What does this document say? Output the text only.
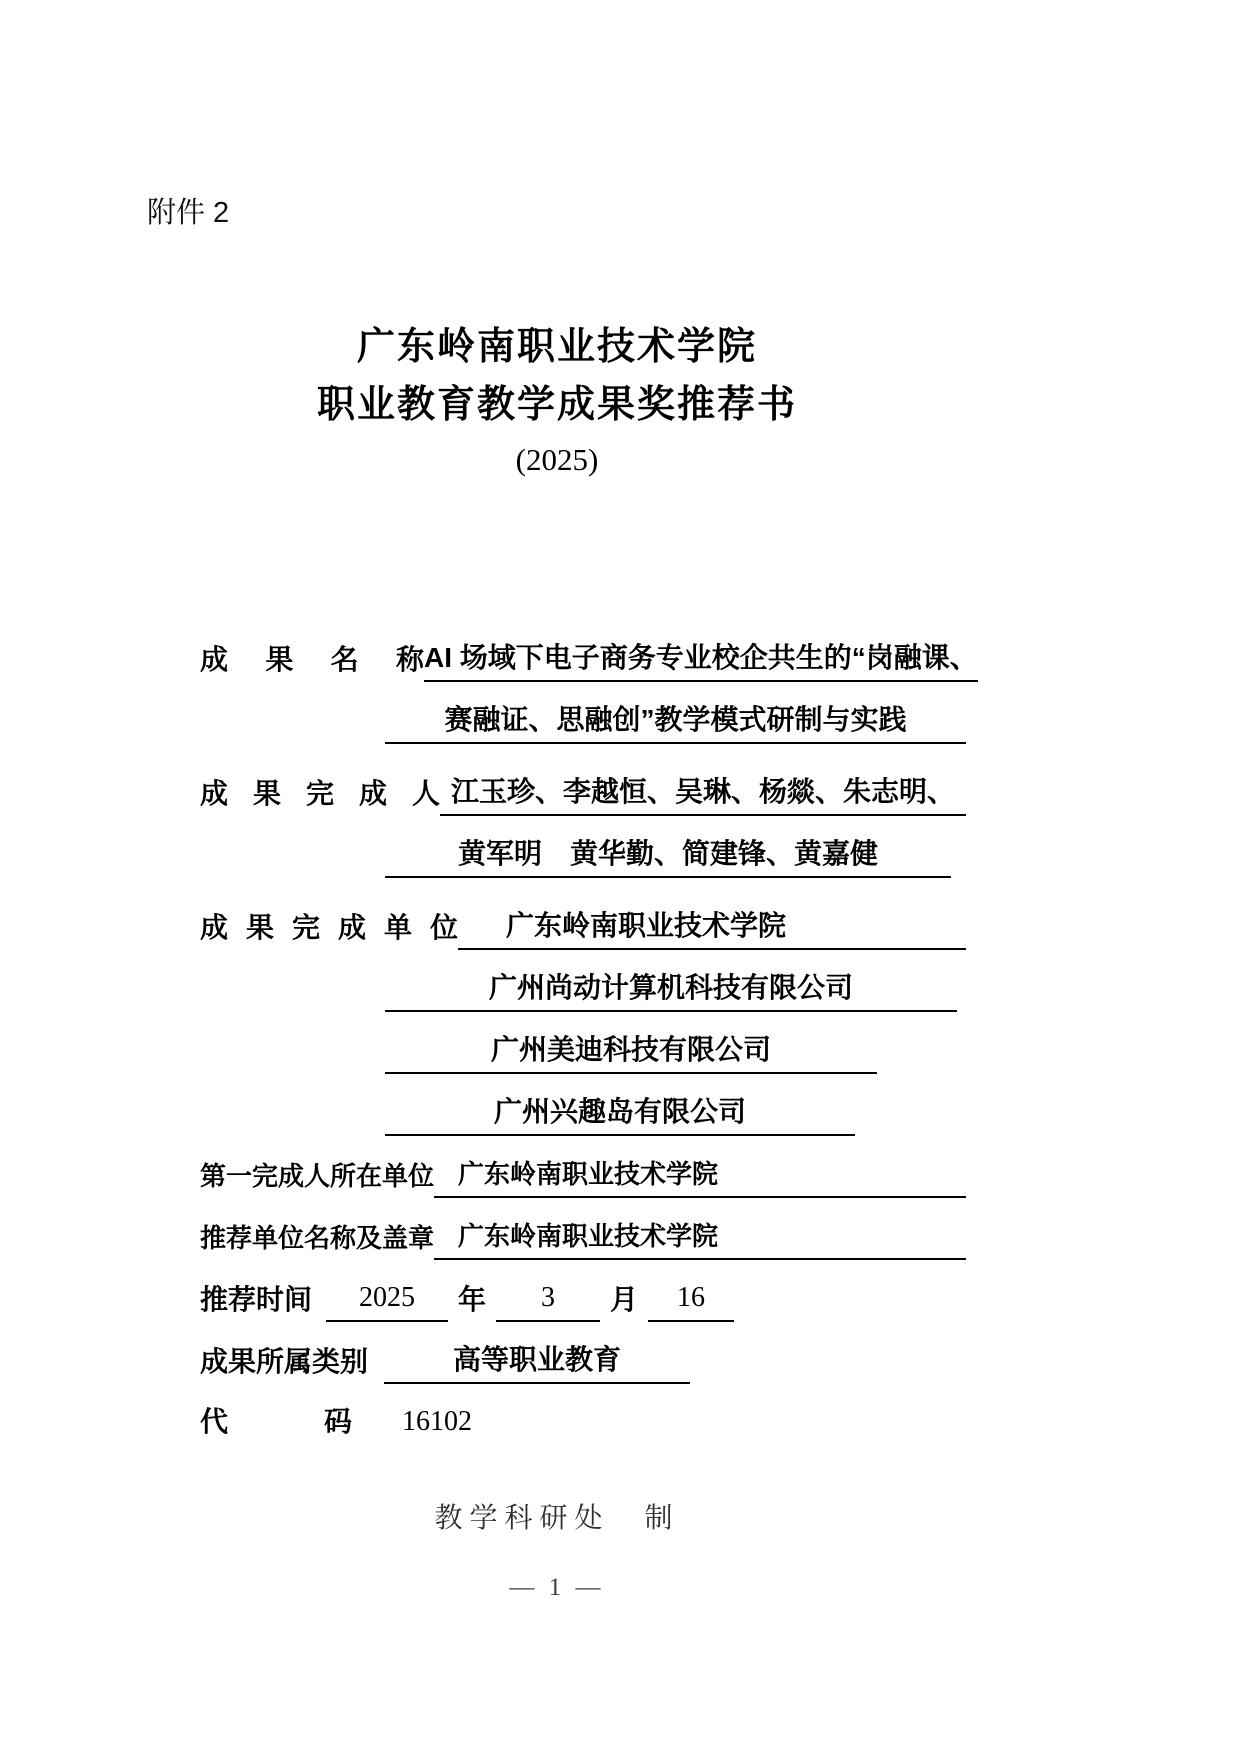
附件 2
广东岭南职业技术学院
职业教育教学成果奖推荐书
(2025)
成果名称 AI 场域下电子商务专业校企共生的“岗融课、
赛融证、思融创”教学模式研制与实践
成果完成人 江玉珍、李越恒、吴琳、杨燚、朱志明、
黄军明　黄华勤、简建锋、黄嘉健
成果完成单位	广东岭南职业技术学院
广州尚动计算机科技有限公司
广州美迪科技有限公司
广州兴趣岛有限公司
第一完成人所在单位 广东岭南职业技术学院
推荐单位名称及盖章 广东岭南职业技术学院
推荐时间	2025	年	3	月	16
成果所属类别	高等职业教育
代码 16102
教学科研处　制
— 1 —
